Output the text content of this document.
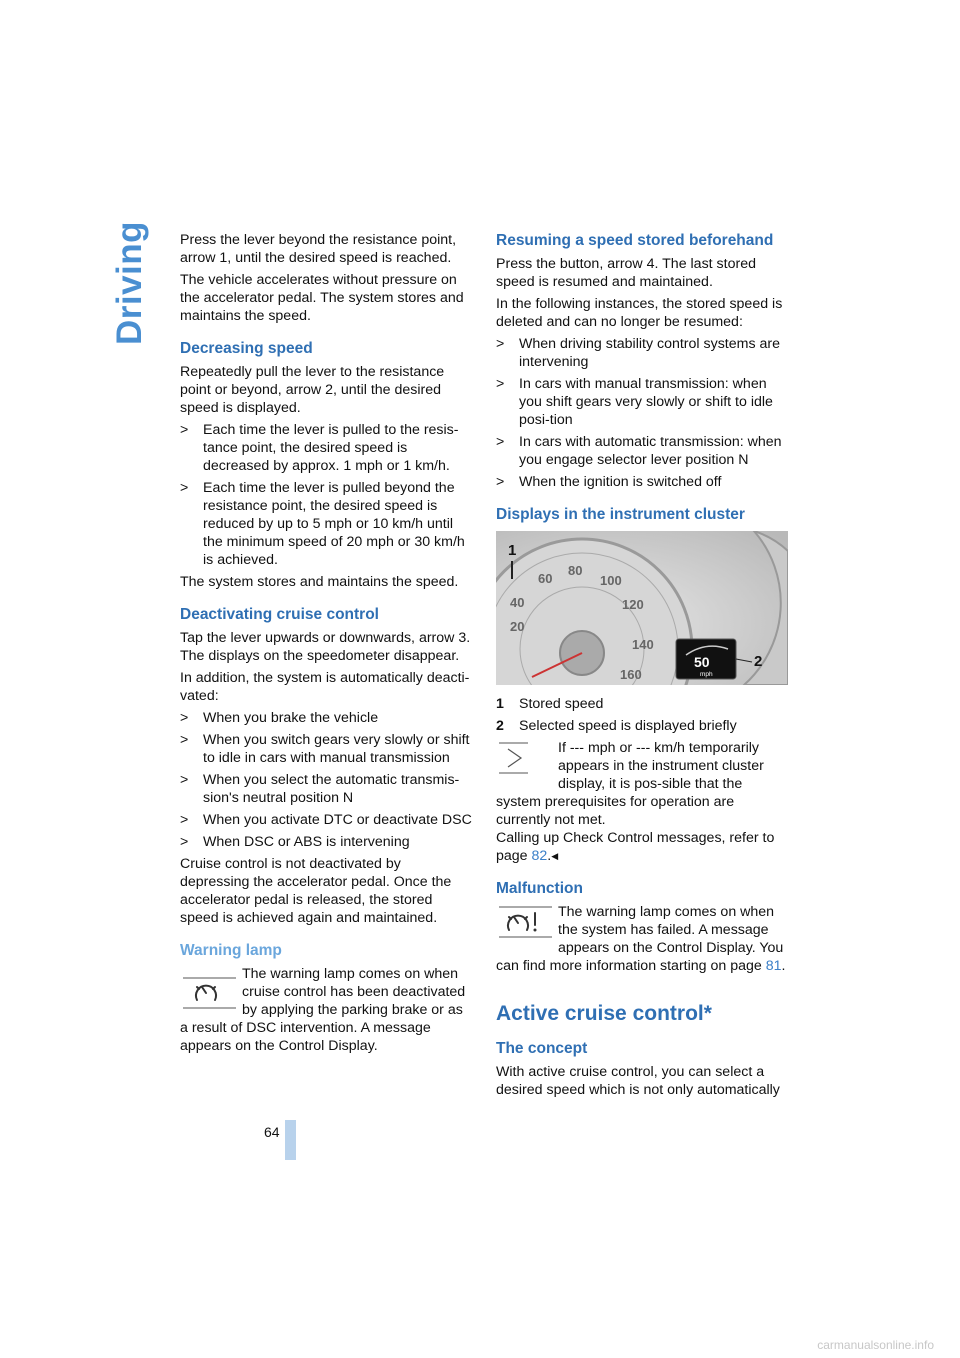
Driving
64
carmanualsonline.info

Press the lever beyond the resistance point, arrow 1, until the desired speed is reached.

The vehicle accelerates without pressure on the accelerator pedal. The system stores and maintains the speed.

Decreasing speed

Repeatedly pull the lever to the resistance point or beyond, arrow 2, until the desired speed is displayed.

> Each time the lever is pulled to the resis-tance point, the desired speed is decreased by approx. 1 mph or 1 km/h.
> Each time the lever is pulled beyond the resistance point, the desired speed is reduced by up to 5 mph or 10 km/h until the minimum speed of 20 mph or 30 km/h is achieved.

The system stores and maintains the speed.

Deactivating cruise control

Tap the lever upwards or downwards, arrow 3. The displays on the speedometer disappear.

In addition, the system is automatically deacti-vated:

> When you brake the vehicle
> When you switch gears very slowly or shift to idle in cars with manual transmission
> When you select the automatic transmis-sion's neutral position N
> When you activate DTC or deactivate DSC
> When DSC or ABS is intervening

Cruise control is not deactivated by depressing the accelerator pedal. Once the accelerator pedal is released, the stored speed is achieved again and maintained.

Warning lamp

The warning lamp comes on when cruise control has been deactivated by applying the parking brake or as a result of DSC intervention. A message appears on the Control Display.

Resuming a speed stored beforehand

Press the button, arrow 4. The last stored speed is resumed and maintained.

In the following instances, the stored speed is deleted and can no longer be resumed:

> When driving stability control systems are intervening
> In cars with manual transmission: when you shift gears very slowly or shift to idle posi-tion
> In cars with automatic transmission: when you engage selector lever position N
> When the ignition is switched off
Displays in the instrument cluster
20
40
60
80
100
120
140
160
50
mph
1
2
1 Stored speed
2 Selected speed is displayed briefly

If --- mph or --- km/h temporarily appears in the instrument cluster display, it is pos-sible that the system prerequisites for operation are currently not met.

Calling up Check Control messages, refer to page 82.◀

Malfunction

The warning lamp comes on when the system has failed. A message appears on the Control Display. You can find more information starting on page 81.

Active cruise control*
The concept

With active cruise control, you can select a desired speed which is not only automatically
